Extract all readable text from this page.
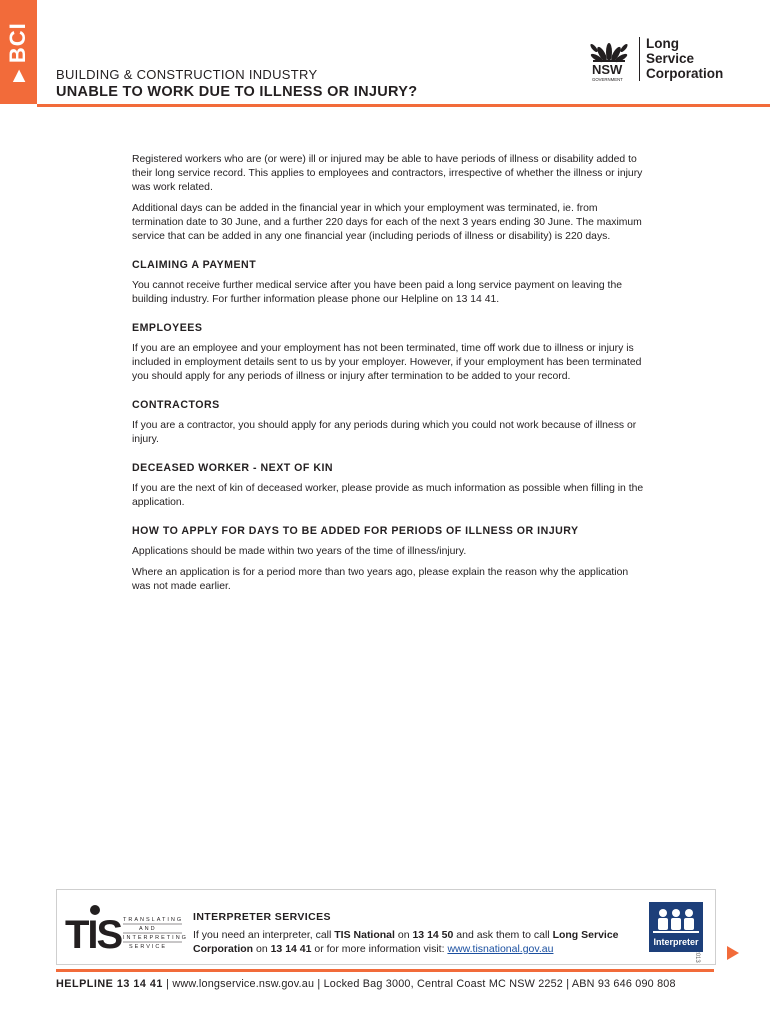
▶
BCI
BUILDING & CONSTRUCTION INDUSTRY
UNABLE TO WORK DUE TO ILLNESS OR INJURY?
NSW
GOVERNMENT
Long
Service
Corporation

Registered workers who are (or were) ill or injured may be able to have periods of illness or disability added to their long service record. This applies to employees and contractors, irrespective of whether the illness or injury was work related.

Additional days can be added in the financial year in which your employment was terminated, ie. from termination date to 30 June, and a further 220 days for each of the next 3 years ending 30 June. The maximum service that can be added in any one financial year (including periods of illness or disability) is 220 days.

CLAIMING A PAYMENT

You cannot receive further medical service after you have been paid a long service payment on leaving the building industry. For further information please phone our Helpline on 13 14 41.

EMPLOYEES

If you are an employee and your employment has not been terminated, time off work due to illness or injury is included in employment details sent to us by your employer. However, if your employment has been terminated you should apply for any periods of illness or injury after termination to be added to your record.

CONTRACTORS

If you are a contractor, you should apply for any periods during which you could not work because of illness or injury.

DECEASED WORKER - NEXT OF KIN

If you are the next of kin of deceased worker, please provide as much information as possible when filling in the application.

HOW TO APPLY FOR DAYS TO BE ADDED FOR PERIODS OF ILLNESS OR INJURY

Applications should be made within two years of the time of illness/injury.

Where an application is for a period more than two years ago, please explain the reason why the application was not made earlier.

TIS TRANSLATING
AND
INTERPRETING
SERVICE
INTERPRETER SERVICES
If you need an interpreter, call TIS National on 13 14 50 and ask them to call Long Service Corporation on 13 14 41 or for more information visit: www.tisnational.gov.au
Interpreter
HELPLINE 13 14 41 | www.longservice.nsw.gov.au | Locked Bag 3000, Central Coast MC NSW 2252 | ABN 93 646 090 808
